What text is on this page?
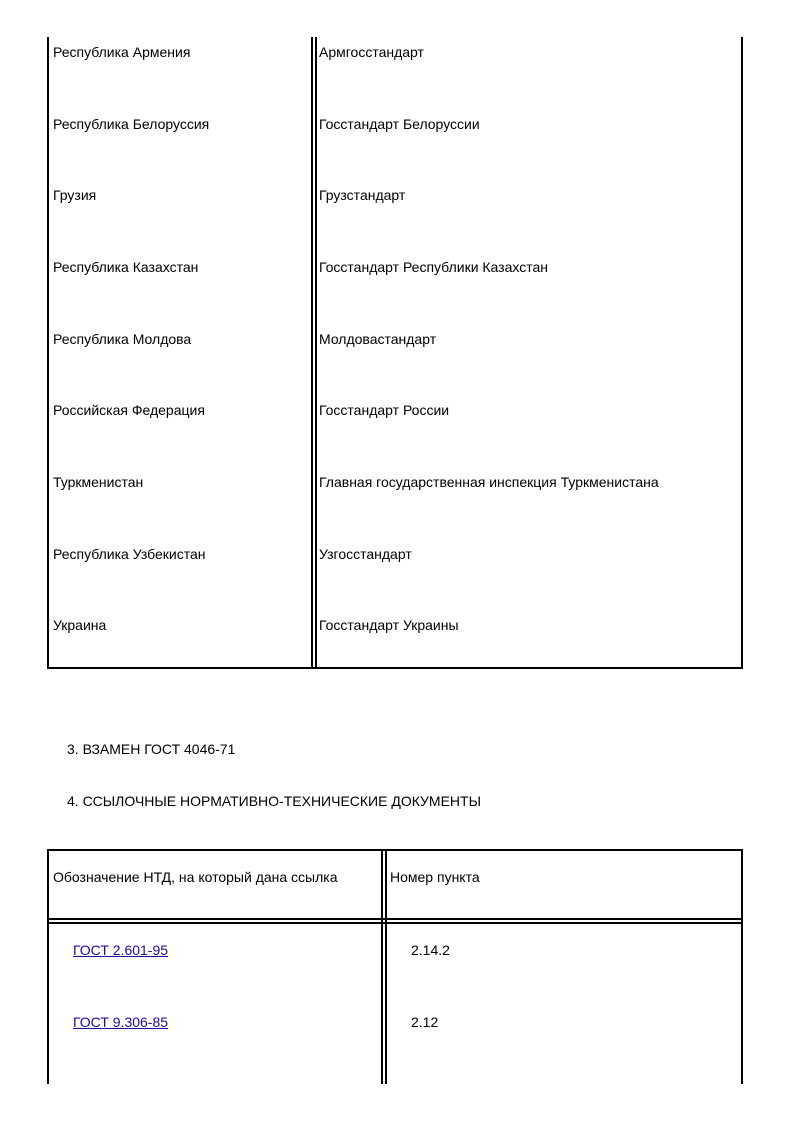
Республика Армения	Армгосстандарт
Республика Белоруссия	Госстандарт Белоруссии
Грузия	Грузстандарт
Республика Казахстан	Госстандарт Республики Казахстан
Республика Молдова	Молдовастандарт
Российская Федерация	Госстандарт России
Туркменистан	Главная государственная инспекция Туркменистана
Республика Узбекистан	Узгосстандарт
Украина	Госстандарт Украины
3. ВЗАМЕН ГОСТ 4046-71
4. ССЫЛОЧНЫЕ НОРМАТИВНО-ТЕХНИЧЕСКИЕ ДОКУМЕНТЫ
Обозначение НТД, на который дана ссылка	Номер пункта
ГОСТ 2.601-95	2.14.2
ГОСТ 9.306-85	2.12
